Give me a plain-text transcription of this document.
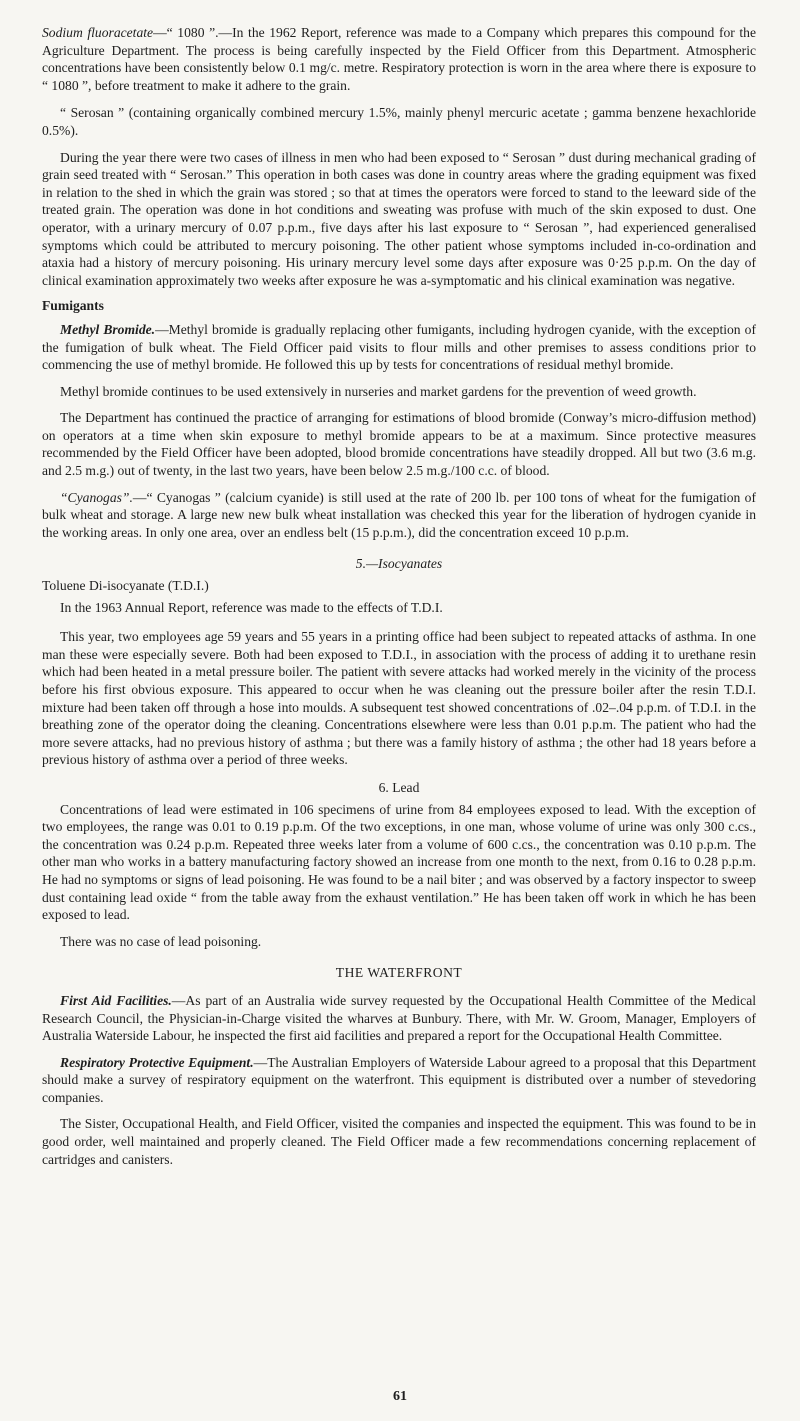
Sodium fluoracetate—“ 1080 ”.—In the 1962 Report, reference was made to a Company which prepares this compound for the Agriculture Department. The process is being carefully inspected by the Field Officer from this Department. Atmospheric concentrations have been consistently below 0.1 mg/c. metre. Respiratory protection is worn in the area where there is exposure to “ 1080 ”, before treatment to make it adhere to the grain.

“ Serosan ” (containing organically combined mercury 1.5%, mainly phenyl mercuric acetate ; gamma benzene hexachloride 0.5%).

During the year there were two cases of illness in men who had been exposed to “ Serosan ” dust during mechanical grading of grain seed treated with “ Serosan.” This operation in both cases was done in country areas where the grading equipment was fixed in relation to the shed in which the grain was stored ; so that at times the operators were forced to stand to the leeward side of the treated grain. The operation was done in hot conditions and sweating was profuse with much of the skin exposed to dust. One operator, with a urinary mercury of 0.07 p.p.m., five days after his last exposure to “ Serosan ”, had experienced generalised symptoms which could be attributed to mercury poisoning. The other patient whose symptoms included in-co-ordination and ataxia had a history of mercury poisoning. His urinary mercury level some days after exposure was 0·25 p.p.m. On the day of clinical examination approximately two weeks after exposure he was a-symptomatic and his clinical examination was negative.

Fumigants

Methyl Bromide.—Methyl bromide is gradually replacing other fumigants, including hydrogen cyanide, with the exception of the fumigation of bulk wheat. The Field Officer paid visits to flour mills and other premises to assess conditions prior to commencing the use of methyl bromide. He followed this up by tests for concentrations of residual methyl bromide.

Methyl bromide continues to be used extensively in nurseries and market gardens for the prevention of weed growth.

The Department has continued the practice of arranging for estimations of blood bromide (Conway’s micro-diffusion method) on operators at a time when skin exposure to methyl bromide appears to be at a maximum. Since protective measures recommended by the Field Officer have been adopted, blood bromide concentrations have steadily dropped. All but two (3.6 m.g. and 2.5 m.g.) out of twenty, in the last two years, have been below 2.5 m.g./100 c.c. of blood.

“Cyanogas”.—“ Cyanogas ” (calcium cyanide) is still used at the rate of 200 lb. per 100 tons of wheat for the fumigation of bulk wheat and storage. A large new new bulk wheat installation was checked this year for the liberation of hydrogen cyanide in the working areas. In only one area, over an endless belt (15 p.p.m.), did the concentration exceed 10 p.p.m.

5.—Isocyanates
Toluene Di-isocyanate (T.D.I.)

In the 1963 Annual Report, reference was made to the effects of T.D.I.

This year, two employees age 59 years and 55 years in a printing office had been subject to repeated attacks of asthma. In one man these were especially severe. Both had been exposed to T.D.I., in association with the process of adding it to urethane resin which had been heated in a metal pressure boiler. The patient with severe attacks had worked merely in the vicinity of the process before his first obvious exposure. This appeared to occur when he was cleaning out the pressure boiler after the resin T.D.I. mixture had been taken off through a hose into moulds. A subsequent test showed concentrations of .02–.04 p.p.m. of T.D.I. in the breathing zone of the operator doing the cleaning. Concentrations elsewhere were less than 0.01 p.p.m. The patient who had the more severe attacks, had no previous history of asthma ; but there was a family history of asthma ; the other had 18 years before a previous history of asthma over a period of three weeks.

6. Lead

Concentrations of lead were estimated in 106 specimens of urine from 84 employees exposed to lead. With the exception of two employees, the range was 0.01 to 0.19 p.p.m. Of the two exceptions, in one man, whose volume of urine was only 300 c.cs., the concentration was 0.24 p.p.m. Repeated three weeks later from a volume of 600 c.cs., the concentration was 0.10 p.p.m. The other man who works in a battery manufacturing factory showed an increase from one month to the next, from 0.16 to 0.28 p.p.m. He had no symptoms or signs of lead poisoning. He was found to be a nail biter ; and was observed by a factory inspector to sweep dust containing lead oxide “ from the table away from the exhaust ventilation.” He has been taken off work in which he has been exposed to lead.

There was no case of lead poisoning.

THE WATERFRONT

First Aid Facilities.—As part of an Australia wide survey requested by the Occupational Health Committee of the Medical Research Council, the Physician-in-Charge visited the wharves at Bunbury. There, with Mr. W. Groom, Manager, Employers of Australia Waterside Labour, he inspected the first aid facilities and prepared a report for the Occupational Health Committee.

Respiratory Protective Equipment.—The Australian Employers of Waterside Labour agreed to a proposal that this Department should make a survey of respiratory equipment on the waterfront. This equipment is distributed over a number of stevedoring companies.

The Sister, Occupational Health, and Field Officer, visited the companies and inspected the equipment. This was found to be in good order, well maintained and properly cleaned. The Field Officer made a few recommendations concerning replacement of cartridges and canisters.

61
